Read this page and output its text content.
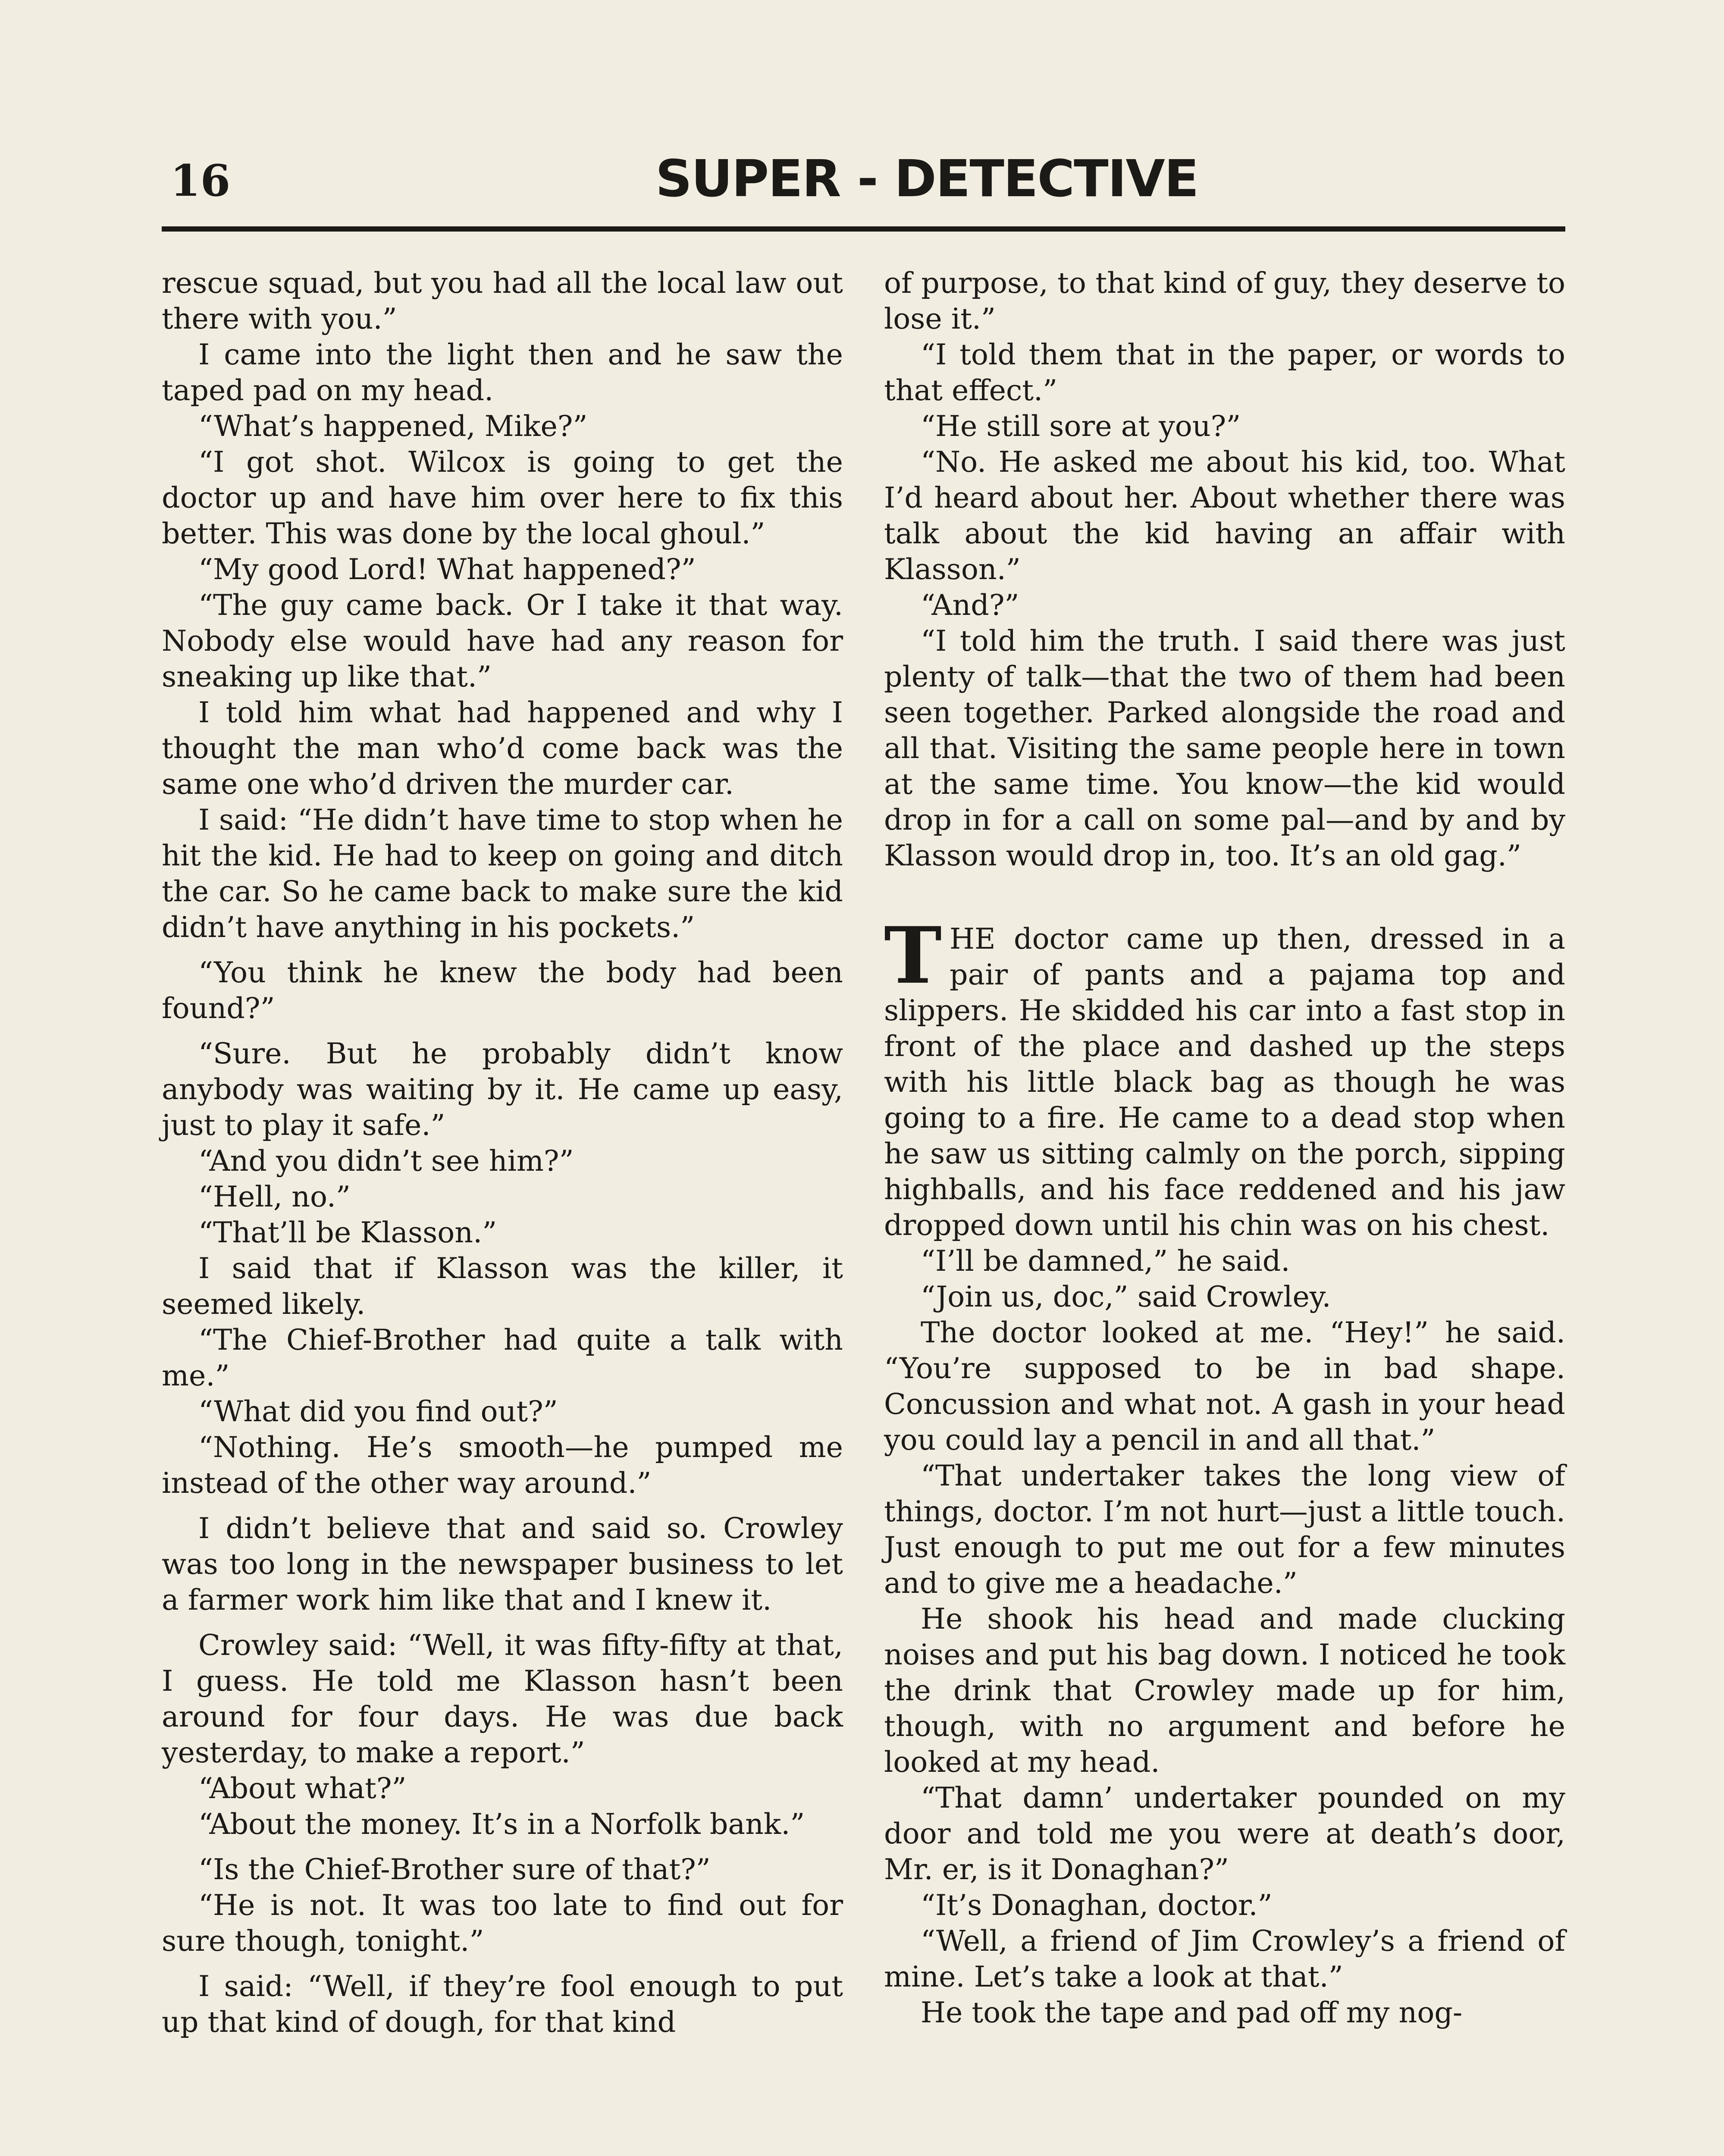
16	SUPER - DETECTIVE

rescue squad, but you had all the local law out there with you.”

I came into the light then and he saw the taped pad on my head.

“What’s happened, Mike?”

“I got shot. Wilcox is going to get the doctor up and have him over here to fix this better. This was done by the local ghoul.”

“My good Lord! What happened?”

“The guy came back. Or I take it that way. Nobody else would have had any reason for sneaking up like that.”

I told him what had happened and why I thought the man who’d come back was the same one who’d driven the murder car.

I said: “He didn’t have time to stop when he hit the kid. He had to keep on going and ditch the car. So he came back to make sure the kid didn’t have anything in his pockets.”

“You think he knew the body had been found?”

“Sure. But he probably didn’t know anybody was waiting by it. He came up easy, just to play it safe.”

“And you didn’t see him?”

“Hell, no.”

“That’ll be Klasson.”

I said that if Klasson was the killer, it seemed likely.

“The Chief-Brother had quite a talk with me.”

“What did you find out?”

“Nothing. He’s smooth—he pumped me instead of the other way around.”

I didn’t believe that and said so. Crowley was too long in the newspaper business to let a farmer work him like that and I knew it.

Crowley said: “Well, it was fifty-fifty at that, I guess. He told me Klasson hasn’t been around for four days. He was due back yesterday, to make a report.”

“About what?”

“About the money. It’s in a Norfolk bank.”

“Is the Chief-Brother sure of that?”

“He is not. It was too late to find out for sure though, tonight.”

I said: “Well, if they’re fool enough to put up that kind of dough, for that kind

of purpose, to that kind of guy, they deserve to lose it.”

“I told them that in the paper, or words to that effect.”

“He still sore at you?”

“No. He asked me about his kid, too. What I’d heard about her. About whether there was talk about the kid having an affair with Klasson.”

“And?”

“I told him the truth. I said there was just plenty of talk—that the two of them had been seen together. Parked alongside the road and all that. Visiting the same people here in town at the same time. You know—the kid would drop in for a call on some pal—and by and by Klasson would drop in, too. It’s an old gag.”

THE doctor came up then, dressed in a pair of pants and a pajama top and slippers. He skidded his car into a fast stop in front of the place and dashed up the steps with his little black bag as though he was going to a fire. He came to a dead stop when he saw us sitting calmly on the porch, sipping highballs, and his face reddened and his jaw dropped down until his chin was on his chest.

“I’ll be damned,” he said.

“Join us, doc,” said Crowley.

The doctor looked at me. “Hey!” he said. “You’re supposed to be in bad shape. Concussion and what not. A gash in your head you could lay a pencil in and all that.”

“That undertaker takes the long view of things, doctor. I’m not hurt—just a little touch. Just enough to put me out for a few minutes and to give me a headache.”

He shook his head and made clucking noises and put his bag down. I noticed he took the drink that Crowley made up for him, though, with no argument and before he looked at my head.

“That damn’ undertaker pounded on my door and told me you were at death’s door, Mr. er, is it Donaghan?”

“It’s Donaghan, doctor.”

“Well, a friend of Jim Crowley’s a friend of mine. Let’s take a look at that.”

He took the tape and pad off my nog-
